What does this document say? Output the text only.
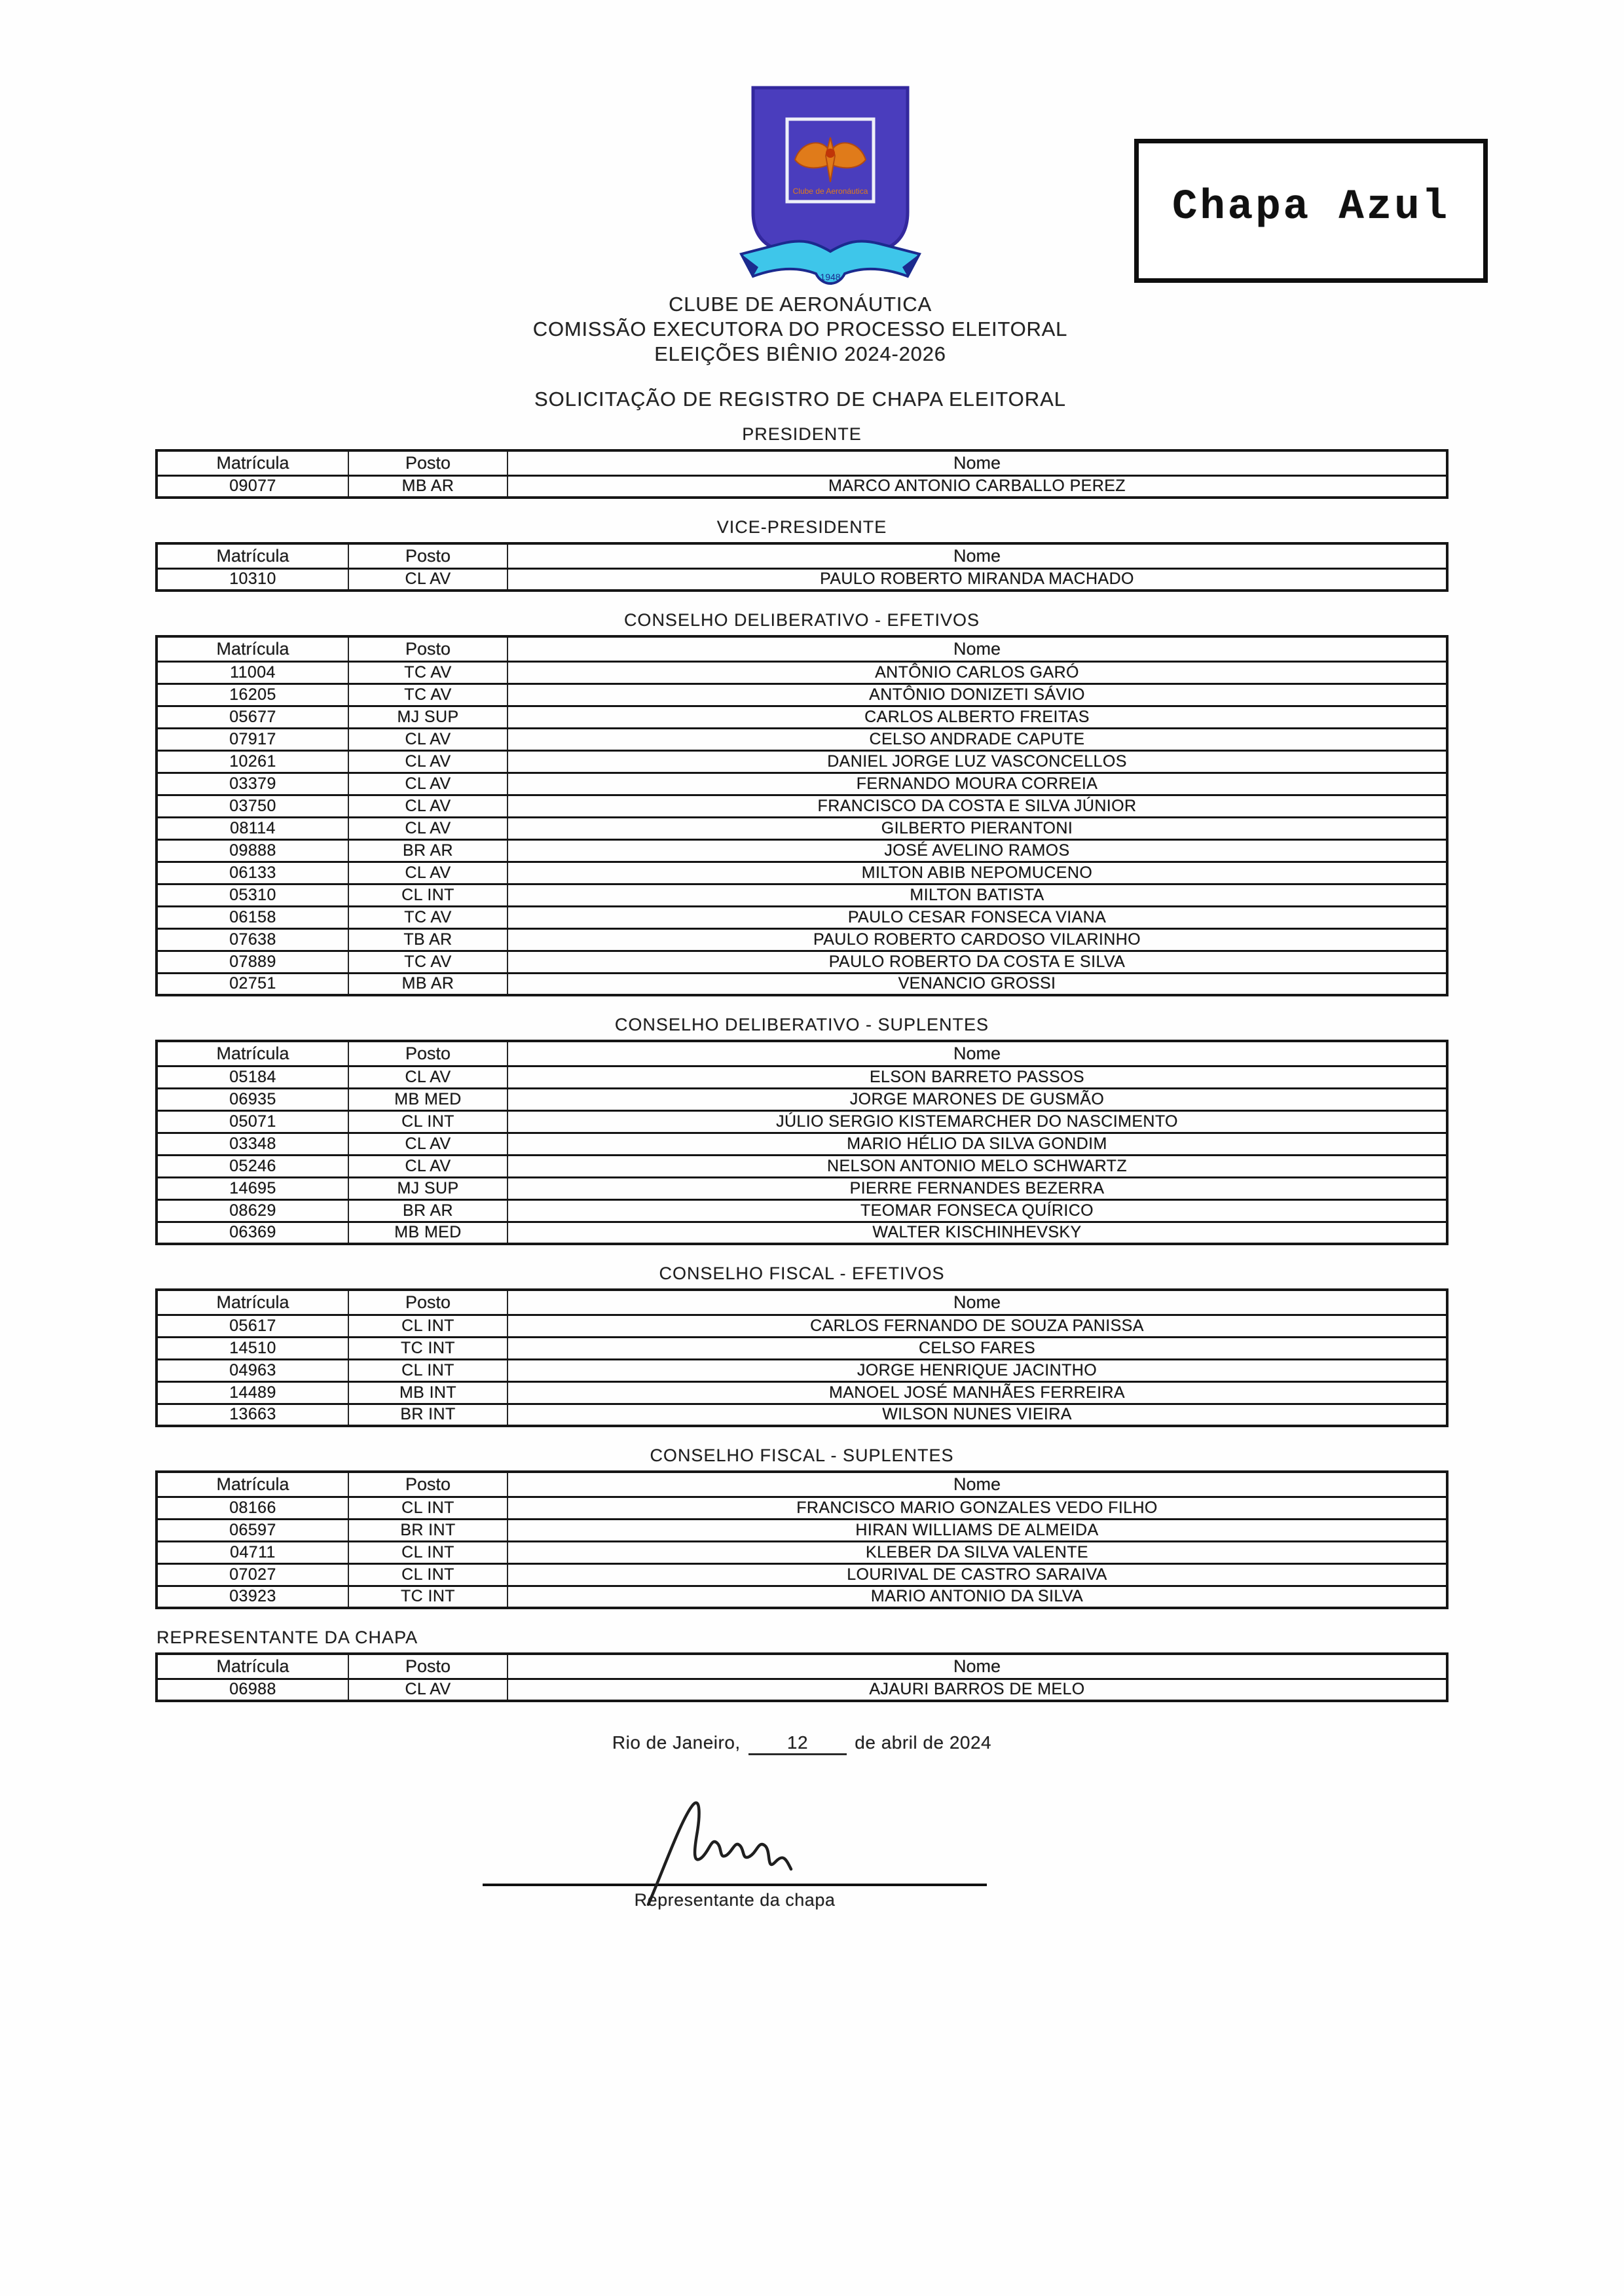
Clube de Aeronáutica
1948
Chapa Azul
CLUBE DE AERONÁUTICA
COMISSÃO EXECUTORA DO PROCESSO ELEITORAL
ELEIÇÕES BIÊNIO 2024-2026
SOLICITAÇÃO DE REGISTRO DE CHAPA ELEITORAL
PRESIDENTE
Matrícula	Posto	Nome
09077	MB AR	MARCO ANTONIO CARBALLO PEREZ
VICE-PRESIDENTE
Matrícula	Posto	Nome
10310	CL AV	PAULO ROBERTO MIRANDA MACHADO
CONSELHO DELIBERATIVO - EFETIVOS
Matrícula	Posto	Nome
11004	TC AV	ANTÔNIO CARLOS GARÓ
16205	TC AV	ANTÔNIO DONIZETI SÁVIO
05677	MJ SUP	CARLOS ALBERTO FREITAS
07917	CL AV	CELSO ANDRADE CAPUTE
10261	CL AV	DANIEL JORGE LUZ VASCONCELLOS
03379	CL AV	FERNANDO MOURA CORREIA
03750	CL AV	FRANCISCO DA COSTA E SILVA JÚNIOR
08114	CL AV	GILBERTO PIERANTONI
09888	BR AR	JOSÉ AVELINO RAMOS
06133	CL AV	MILTON ABIB NEPOMUCENO
05310	CL INT	MILTON BATISTA
06158	TC AV	PAULO CESAR FONSECA VIANA
07638	TB AR	PAULO ROBERTO CARDOSO VILARINHO
07889	TC AV	PAULO ROBERTO DA COSTA E SILVA
02751	MB AR	VENANCIO GROSSI
CONSELHO DELIBERATIVO - SUPLENTES
Matrícula	Posto	Nome
05184	CL AV	ELSON BARRETO PASSOS
06935	MB MED	JORGE MARONES DE GUSMÃO
05071	CL INT	JÚLIO SERGIO KISTEMARCHER DO NASCIMENTO
03348	CL AV	MARIO HÉLIO DA SILVA GONDIM
05246	CL AV	NELSON ANTONIO MELO SCHWARTZ
14695	MJ SUP	PIERRE FERNANDES BEZERRA
08629	BR AR	TEOMAR FONSECA QUÍRICO
06369	MB MED	WALTER KISCHINHEVSKY
CONSELHO FISCAL - EFETIVOS
Matrícula	Posto	Nome
05617	CL INT	CARLOS FERNANDO DE SOUZA PANISSA
14510	TC INT	CELSO FARES
04963	CL INT	JORGE HENRIQUE JACINTHO
14489	MB INT	MANOEL JOSÉ MANHÃES FERREIRA
13663	BR INT	WILSON NUNES VIEIRA
CONSELHO FISCAL - SUPLENTES
Matrícula	Posto	Nome
08166	CL INT	FRANCISCO MARIO GONZALES VEDO FILHO
06597	BR INT	HIRAN WILLIAMS DE ALMEIDA
04711	CL INT	KLEBER DA SILVA VALENTE
07027	CL INT	LOURIVAL DE CASTRO SARAIVA
03923	TC INT	MARIO ANTONIO DA SILVA
REPRESENTANTE DA CHAPA
Matrícula	Posto	Nome
06988	CL AV	AJAURI BARROS DE MELO
Rio de Janeiro,	12	de abril de 2024
Representante da chapa
